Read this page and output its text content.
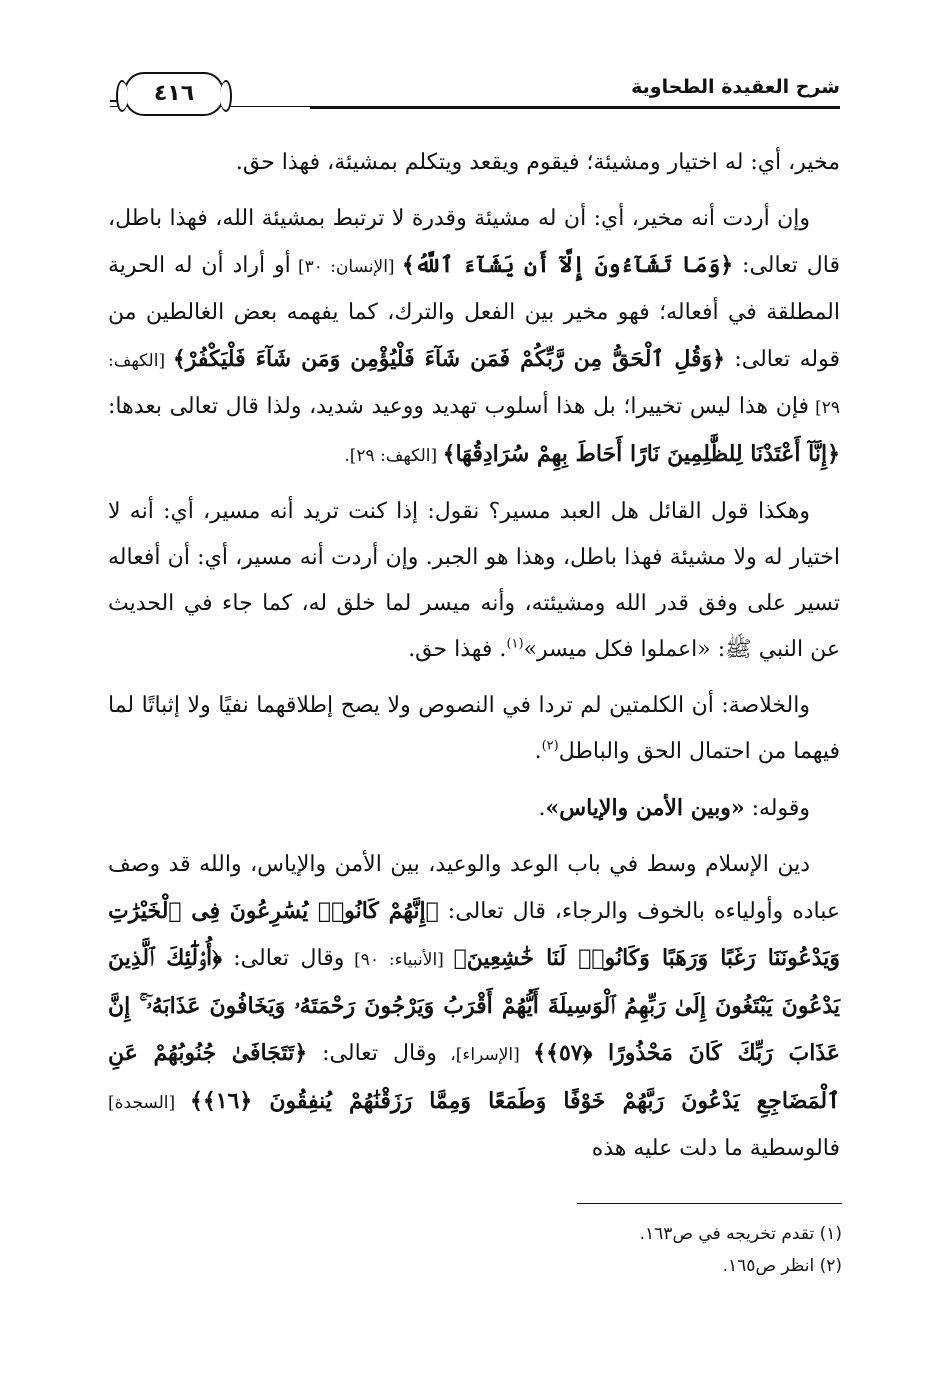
شرح العقيدة الطحاوية
٤١٦

مخير، أي: له اختيار ومشيئة؛ فيقوم ويقعد ويتكلم بمشيئة، فهذا حق.

وإن أردت أنه مخير، أي: أن له مشيئة وقدرة لا ترتبط بمشيئة الله، فهذا باطل، قال تعالى: ﴿وَمَا تَشَآءُونَ إِلَّآ أَن يَشَآءَ ٱللَّهُ﴾ [الإنسان: ٣٠] أو أراد أن له الحرية المطلقة في أفعاله؛ فهو مخير بين الفعل والترك، كما يفهمه بعض الغالطين من قوله تعالى: ﴿وَقُلِ ٱلْحَقُّ مِن رَّبِّكُمْ فَمَن شَآءَ فَلْيُؤْمِن وَمَن شَآءَ فَلْيَكْفُرْ﴾ [الكهف: ٢٩] فإن هذا ليس تخييرا؛ بل هذا أسلوب تهديد ووعيد شديد، ولذا قال تعالى بعدها: ﴿إِنَّآ أَعْتَدْنَا لِلظَّٰلِمِينَ نَارًا أَحَاطَ بِهِمْ سُرَادِقُهَا﴾ [الكهف: ٢٩].

وهكذا قول القائل هل العبد مسير؟ نقول: إذا كنت تريد أنه مسير، أي: أنه لا اختيار له ولا مشيئة فهذا باطل، وهذا هو الجبر. وإن أردت أنه مسير، أي: أن أفعاله تسير على وفق قدر الله ومشيئته، وأنه ميسر لما خلق له، كما جاء في الحديث عن النبي ﷺ: «اعملوا فكل ميسر»$^{(١)}$. فهذا حق.

والخلاصة: أن الكلمتين لم تردا في النصوص ولا يصح إطلاقهما نفيًا ولا إثباتًا لما فيهما من احتمال الحق والباطل$^{(٢)}$.

وقوله: «وبين الأمن والإياس».

دين الإسلام وسط في باب الوعد والوعيد، بين الأمن والإياس، والله قد وصف عباده وأولياءه بالخوف والرجاء، قال تعالى: ﴿إِنَّهُمْ كَانُوا۟ يُسَٰرِعُونَ فِى ٱلْخَيْرَٰتِ وَيَدْعُونَنَا رَغَبًا وَرَهَبًا وَكَانُوا۟ لَنَا خَٰشِعِينَ﴾ [الأنبياء: ٩٠] وقال تعالى: ﴿أُو۟لَٰٓئِكَ ٱلَّذِينَ يَدْعُونَ يَبْتَغُونَ إِلَىٰ رَبِّهِمُ ٱلْوَسِيلَةَ أَيُّهُمْ أَقْرَبُ وَيَرْجُونَ رَحْمَتَهُۥ وَيَخَافُونَ عَذَابَهُۥٓ ۚ إِنَّ عَذَابَ رَبِّكَ كَانَ مَحْذُورًا ﴿٥٧﴾﴾ [الإسراء]، وقال تعالى: ﴿تَتَجَافَىٰ جُنُوبُهُمْ عَنِ ٱلْمَضَاجِعِ يَدْعُونَ رَبَّهُمْ خَوْفًا وَطَمَعًا وَمِمَّا رَزَقْنَٰهُمْ يُنفِقُونَ ﴿١٦﴾﴾ [السجدة] فالوسطية ما دلت عليه هذه

(١) تقدم تخريجه في ص١٦٣.

(٢) انظر ص١٦٥.
